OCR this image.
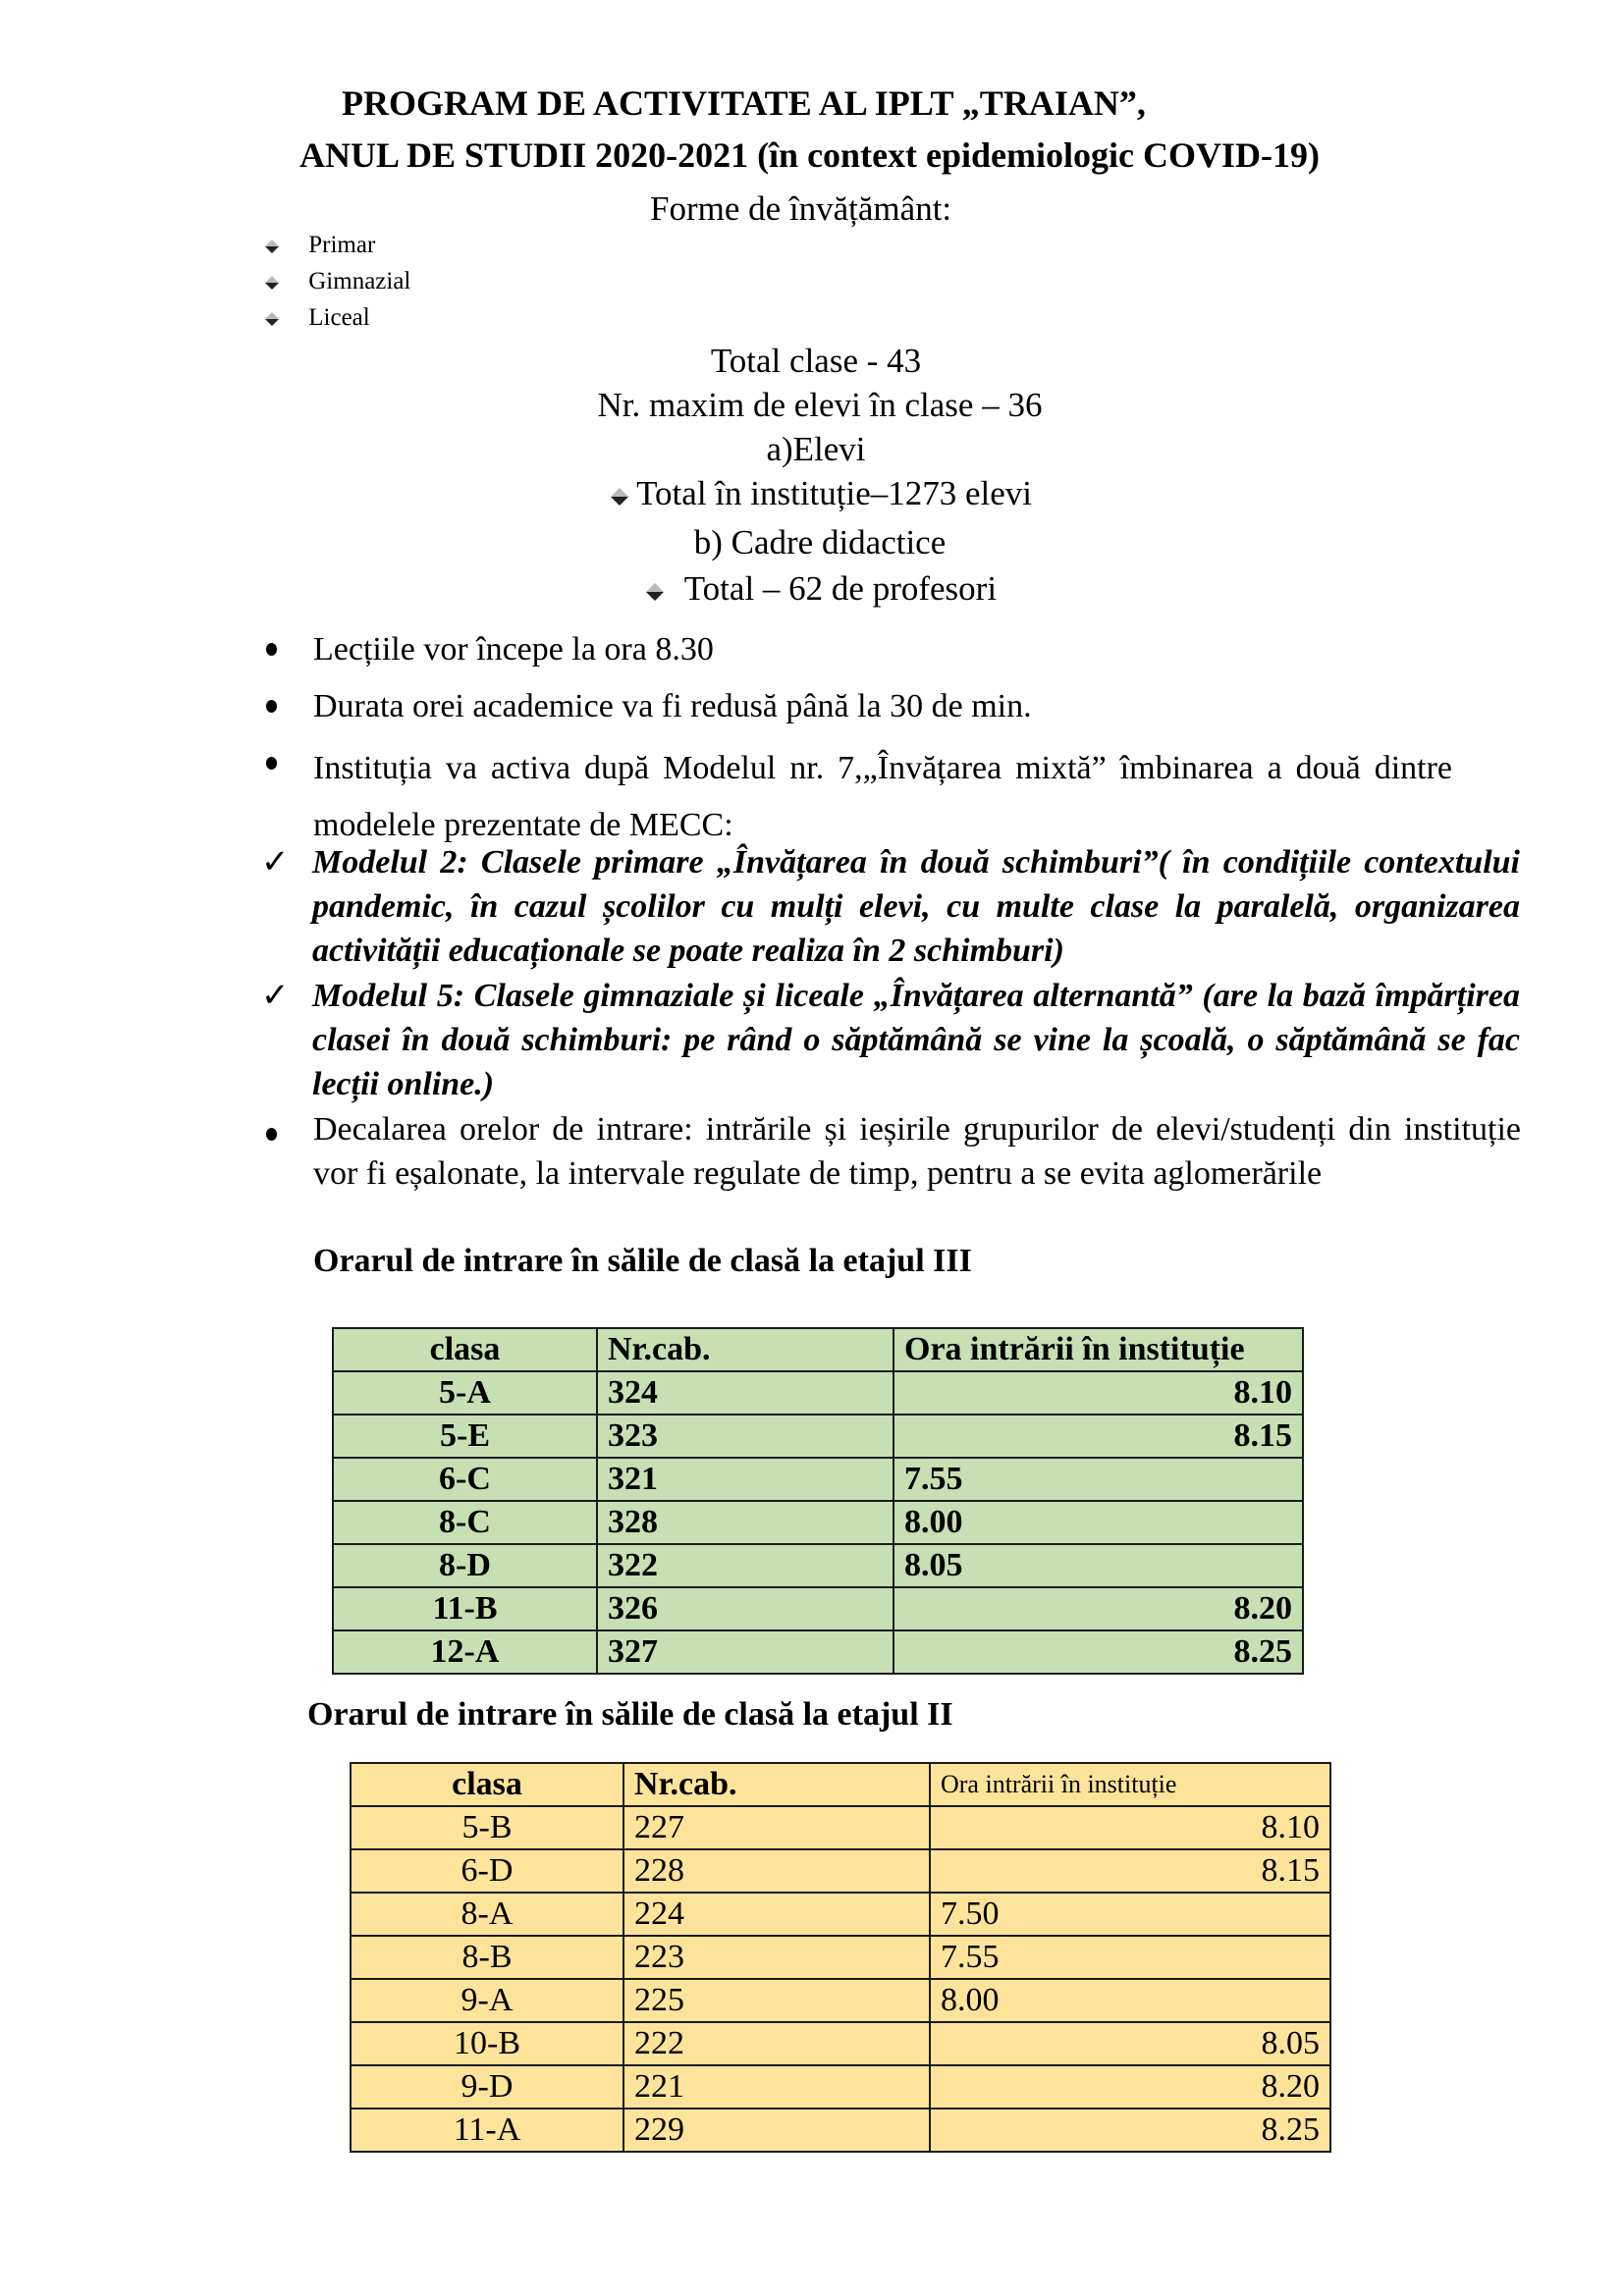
PROGRAM DE ACTIVITATE AL IPLT „TRAIAN”,
ANUL DE STUDII 2020-2021 (în context epidemiologic COVID-19)
Forme de învățământ:
Primar
Gimnazial
Liceal
Total clase - 43
Nr. maxim de elevi în clase – 36
a)Elevi
Total în instituție–1273 elevi
b) Cadre didactice
Total – 62 de profesori
Lecțiile vor începe la ora 8.30
Durata orei academice va fi redusă până la 30 de min.
Instituția va activa după Modelul nr. 7,„Învățarea mixtă” îmbinarea a două dintre modelele prezentate de MECC:
✓ Modelul 2: Clasele primare „Învățarea în două schimburi”( în condițiile contextului pandemic, în cazul școlilor cu mulți elevi, cu multe clase la paralelă, organizarea activității educaționale se poate realiza în 2 schimburi)
✓ Modelul 5: Clasele gimnaziale și liceale „Învățarea alternantă” (are la bază împărțirea clasei în două schimburi: pe rând o săptămână se vine la școală, o săptămână se fac lecții online.)
Decalarea orelor de intrare: intrările și ieșirile grupurilor de elevi/studenți din instituție vor fi eșalonate, la intervale regulate de timp, pentru a se evita aglomerările
Orarul de intrare în sălile de clasă la etajul III
clasa	Nr.cab.	Ora intrării în instituție
5-A	324	8.10
5-E	323	8.15
6-C	321	7.55
8-C	328	8.00
8-D	322	8.05
11-B	326	8.20
12-A	327	8.25
Orarul de intrare în sălile de clasă la etajul II
clasa	Nr.cab.	Ora intrării în instituție
5-B	227	8.10
6-D	228	8.15
8-A	224	7.50
8-B	223	7.55
9-A	225	8.00
10-B	222	8.05
9-D	221	8.20
11-A	229	8.25
